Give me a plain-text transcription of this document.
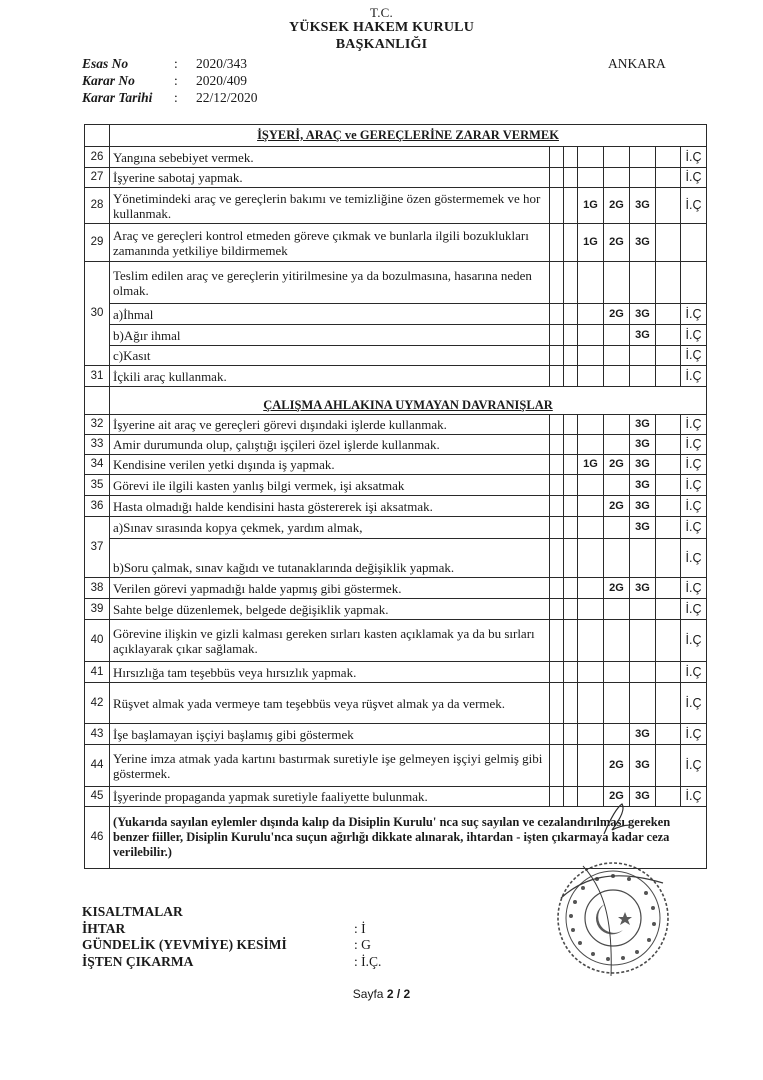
T.C.
YÜKSEK HAKEM KURULU
BAŞKANLIĞI
Esas No	:	2020/343
Karar No	:	2020/409
Karar Tarihi	:	22/12/2020
ANKARA
	İŞYERİ, ARAÇ ve GEREÇLERİNE ZARAR VERMEK							
26	Yangına sebebiyet vermek.							İ.Ç
27	İşyerine sabotaj yapmak.							İ.Ç
28	Yönetimindeki araç ve gereçlerin bakımı ve temizliğine özen göstermemek ve hor kullanmak.			1G	2G	3G		İ.Ç
29	Araç ve gereçleri kontrol etmeden göreve çıkmak ve bunlarla ilgili bozuklukları zamanında yetkiliye bildirmemek			1G	2G	3G		
30	Teslim edilen araç ve gereçlerin yitirilmesine ya da bozulmasına, hasarına neden olmak.							
	a)İhmal				2G	3G		İ.Ç
	b)Ağır ihmal					3G		İ.Ç
	c)Kasıt							İ.Ç
31	İçkili araç kullanmak.							İ.Ç
	ÇALIŞMA AHLAKINA UYMAYAN DAVRANIŞLAR							
32	İşyerine ait araç ve gereçleri görevi dışındaki işlerde kullanmak.					3G		İ.Ç
33	Amir durumunda olup, çalıştığı işçileri özel işlerde kullanmak.					3G		İ.Ç
34	Kendisine verilen yetki dışında iş yapmak.			1G	2G	3G		İ.Ç
35	Görevi ile ilgili kasten yanlış bilgi vermek, işi aksatmak					3G		İ.Ç
36	Hasta olmadığı halde kendisini hasta göstererek işi aksatmak.				2G	3G		İ.Ç
37	a)Sınav sırasında kopya çekmek, yardım almak,					3G		İ.Ç
	b)Soru çalmak, sınav kağıdı ve tutanaklarında değişiklik yapmak.							İ.Ç
38	Verilen görevi yapmadığı halde yapmış gibi göstermek.				2G	3G		İ.Ç
39	Sahte belge düzenlemek, belgede değişiklik yapmak.							İ.Ç
40	Görevine ilişkin ve gizli kalması gereken sırları kasten açıklamak ya da bu sırları açıklayarak çıkar sağlamak.							İ.Ç
41	Hırsızlığa tam teşebbüs veya hırsızlık yapmak.							İ.Ç
42	Rüşvet almak yada vermeye tam teşebbüs veya rüşvet almak ya da vermek.							İ.Ç
43	İşe başlamayan işçiyi başlamış gibi göstermek					3G		İ.Ç
44	Yerine imza atmak yada kartını bastırmak suretiyle işe gelmeyen işçiyi gelmiş gibi göstermek.				2G	3G		İ.Ç
45	İşyerinde propaganda yapmak suretiyle faaliyette bulunmak.				2G	3G		İ.Ç
46	(Yukarıda sayılan eylemler dışında kalıp da Disiplin Kurulu' nca suç sayılan ve cezalandırılması gereken benzer fiiller, Disiplin Kurulu'nca suçun ağırlığı dikkate alınarak, ihtardan - işten çıkarmaya kadar ceza verilebilir.)							
KISALTMALAR
İHTAR	: İ
GÜNDELİK (YEVMİYE) KESİMİ	: G
İŞTEN ÇIKARMA	: İ.Ç.
Sayfa 2 / 2
